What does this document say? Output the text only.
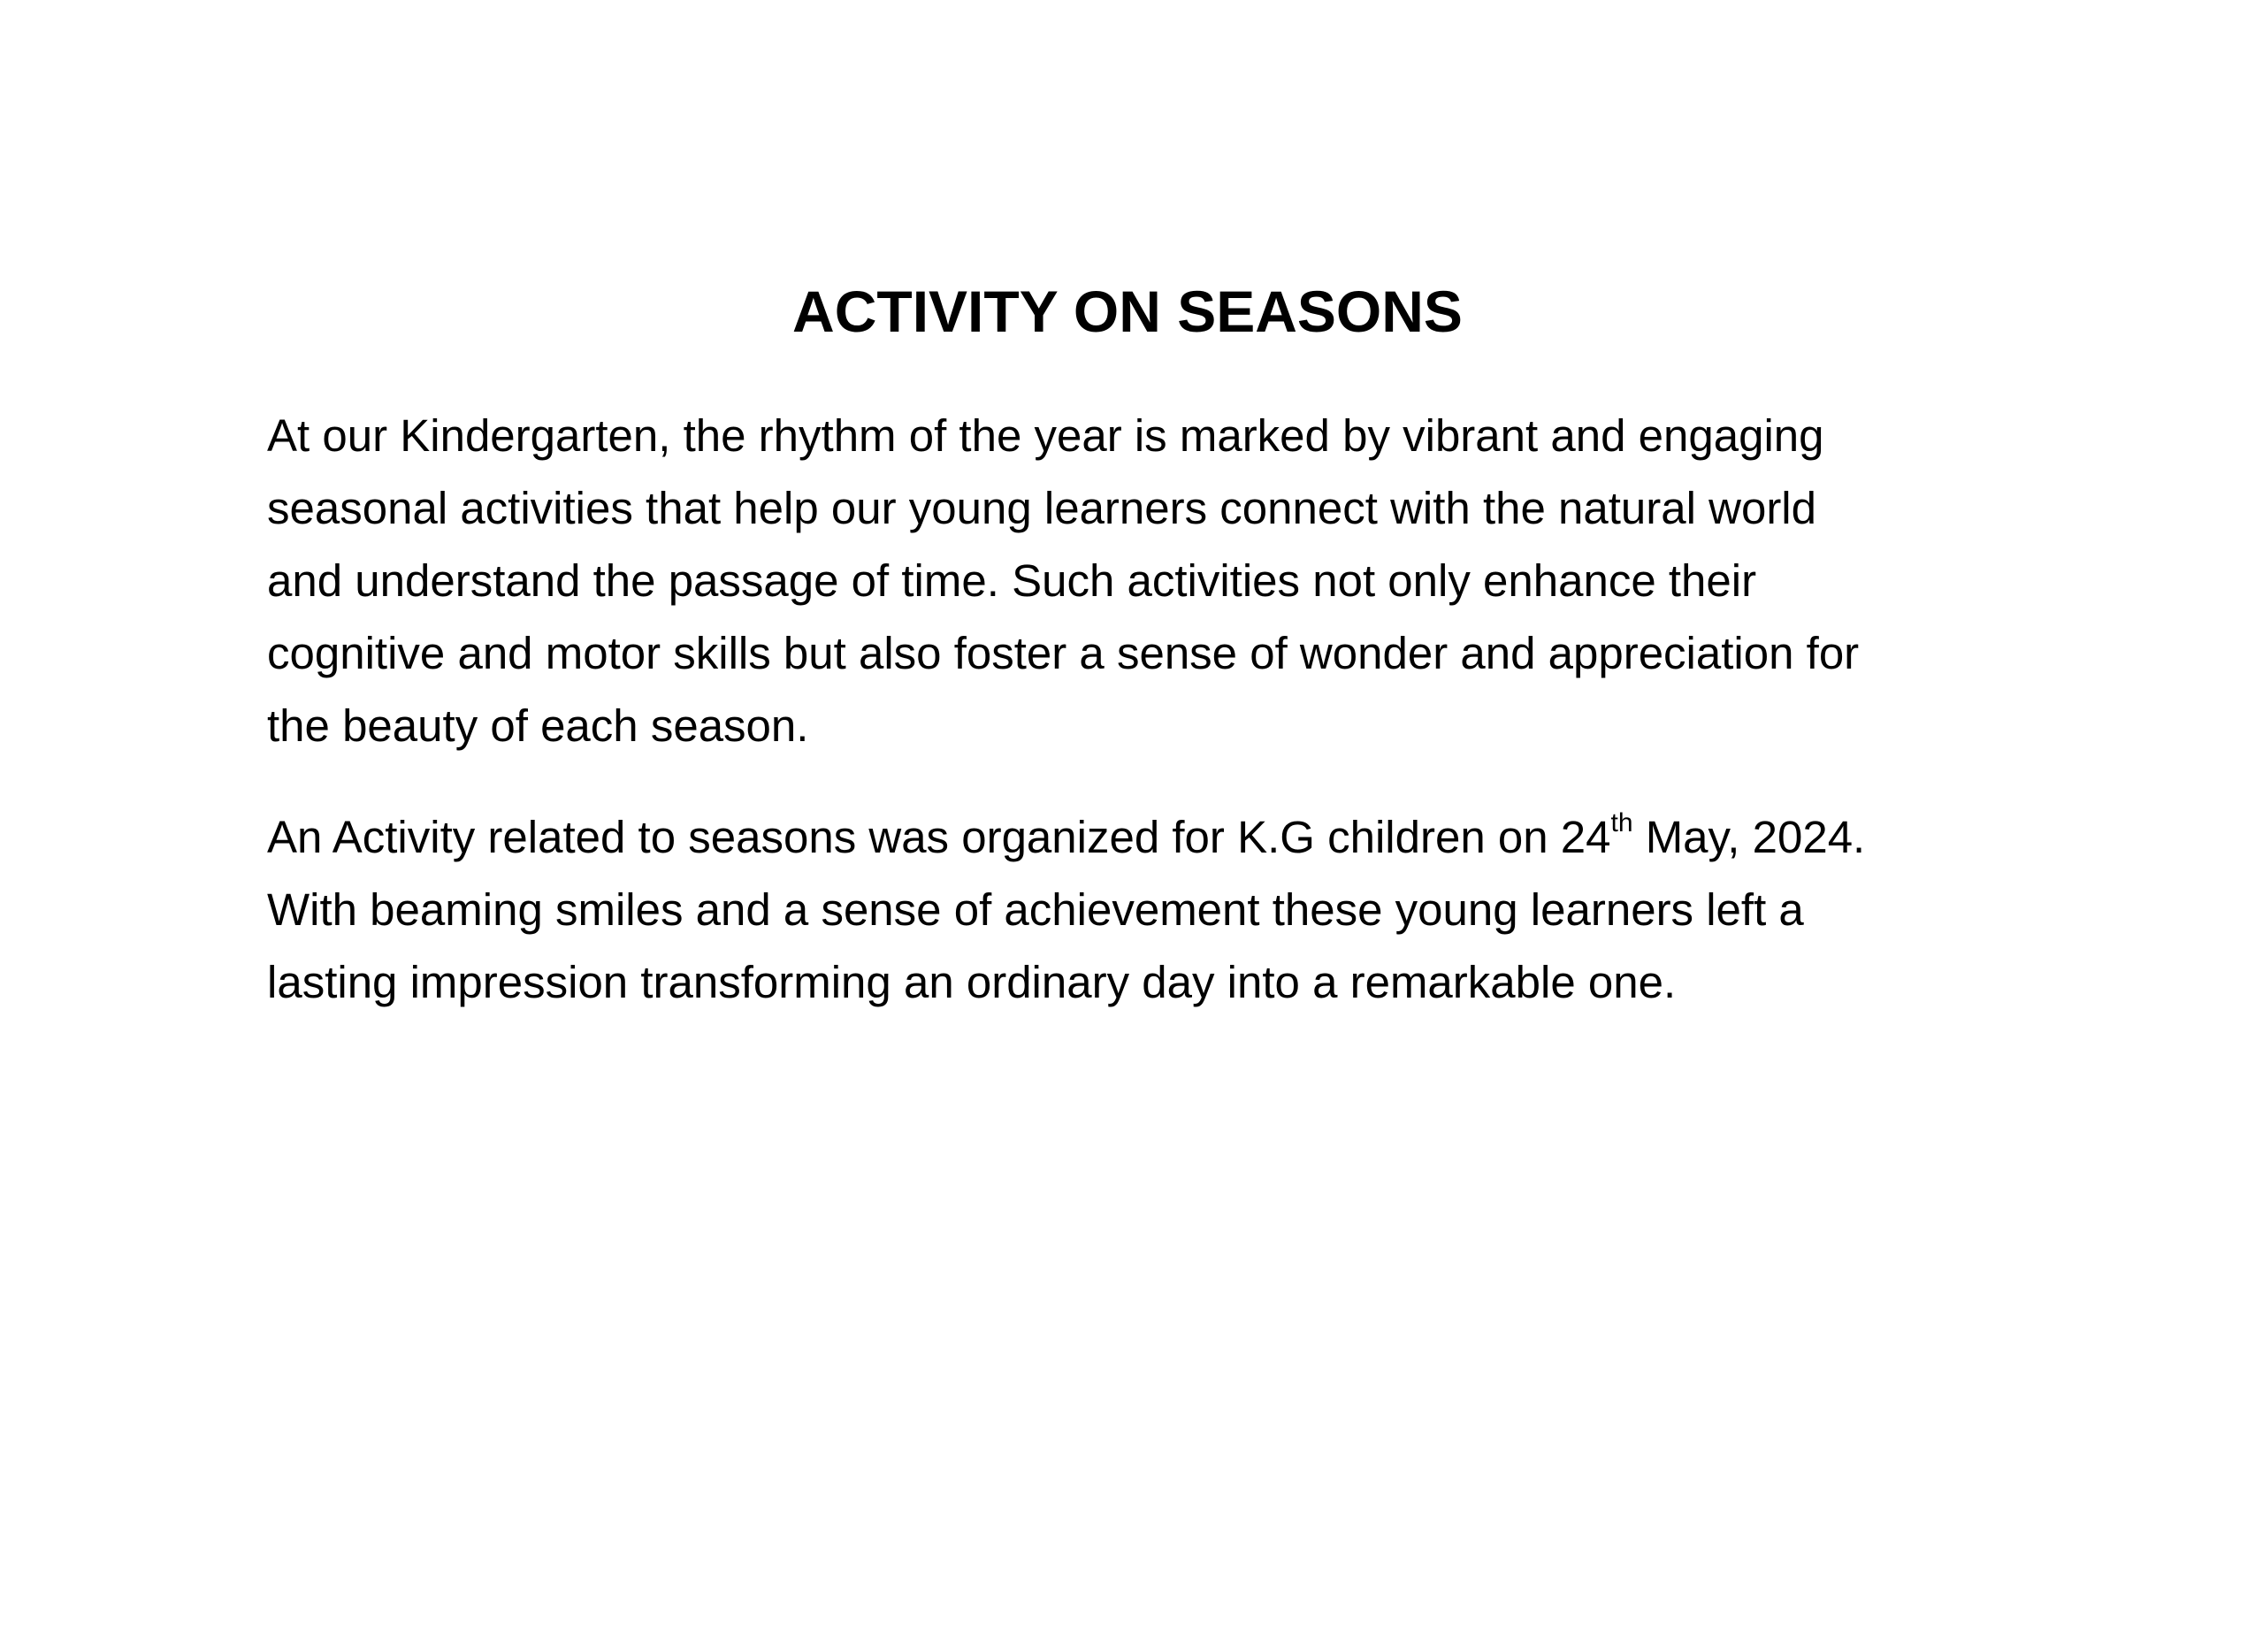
ACTIVITY ON SEASONS

At our Kindergarten, the rhythm of the year is marked by vibrant and engaging
seasonal activities that help our young learners connect with the natural world
and understand the passage of time. Such activities not only enhance their
cognitive and motor skills but also foster a sense of wonder and appreciation for
the beauty of each season.

An Activity related to seasons was organized for K.G children on 24th May, 2024.
With beaming smiles and a sense of achievement these young learners left a
lasting impression transforming an ordinary day into a remarkable one.
